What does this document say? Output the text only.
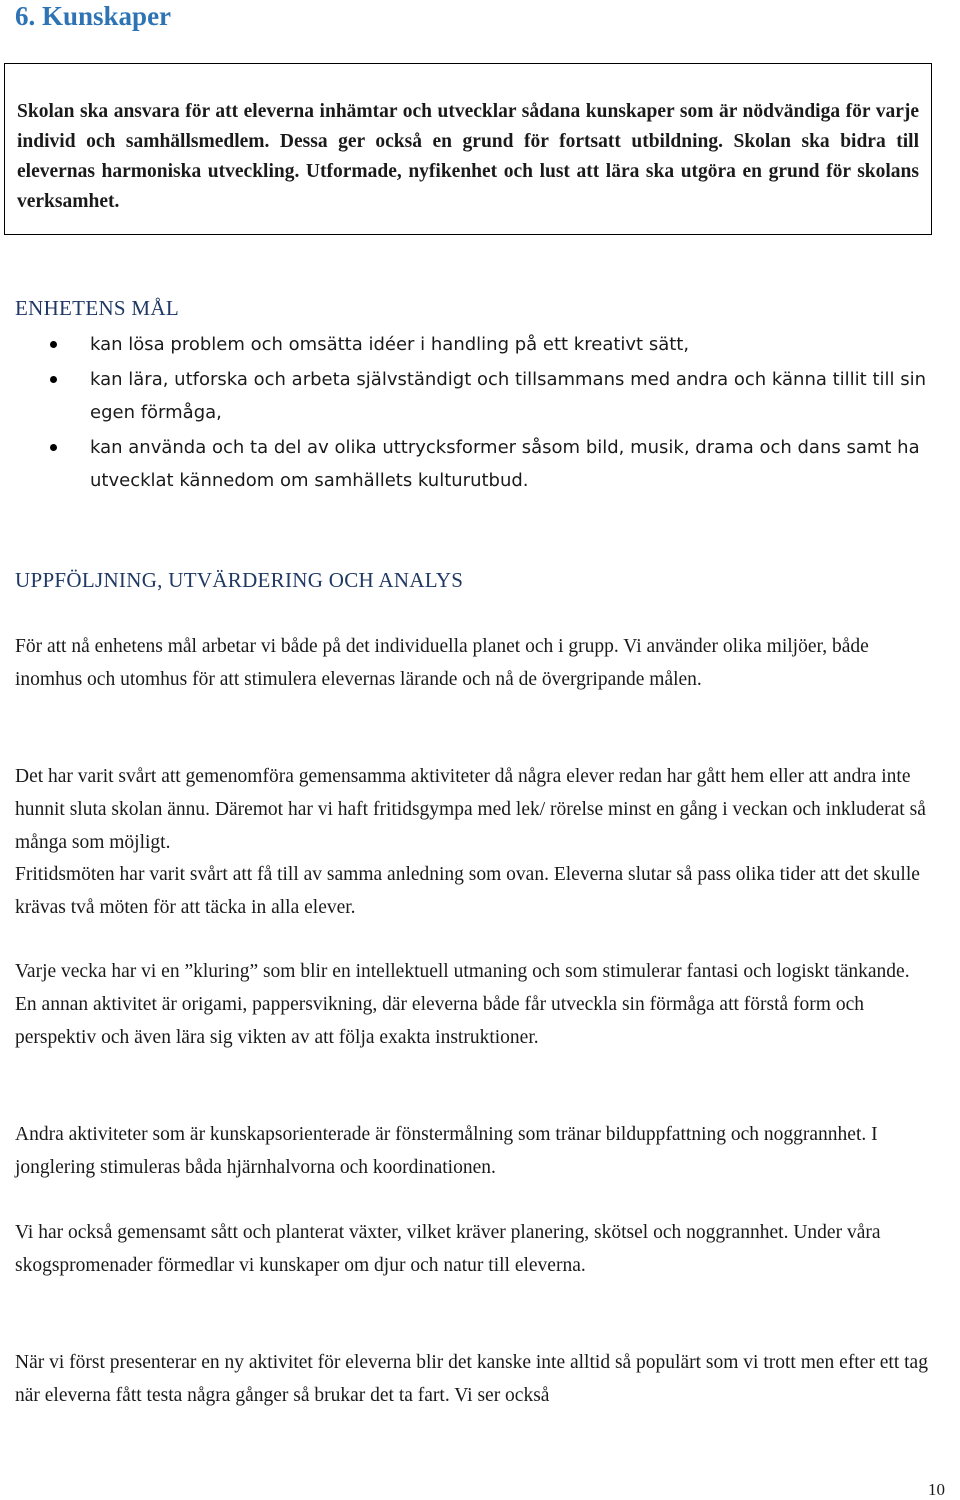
6. Kunskaper

Skolan ska ansvara för att eleverna inhämtar och utvecklar sådana kunskaper som är nödvändiga för varje individ och samhällsmedlem. Dessa ger också en grund för fortsatt utbildning. Skolan ska bidra till elevernas harmoniska utveckling. Utformade, nyfikenhet och lust att lära ska utgöra en grund för skolans verksamhet.

ENHETENS MÅL
kan lösa problem och omsätta idéer i handling på ett kreativt sätt,
kan lära, utforska och arbeta självständigt och tillsammans med andra och känna tillit till sin egen förmåga,
kan använda och ta del av olika uttrycksformer såsom bild, musik, drama och dans samt ha utvecklat kännedom om samhällets kulturutbud.
UPPFÖLJNING, UTVÄRDERING OCH ANALYS

För att nå enhetens mål arbetar vi både på det individuella planet och i grupp. Vi använder olika miljöer, både inomhus och utomhus för att stimulera elevernas lärande och nå de övergripande målen.

Det har varit svårt att gemenomföra gemensamma aktiviteter då några elever redan har gått hem eller att andra inte hunnit sluta skolan ännu. Däremot har vi haft fritidsgympa med lek/ rörelse minst en gång i veckan och inkluderat så många som möjligt.

Fritidsmöten har varit svårt att få till av samma anledning som ovan. Eleverna slutar så pass olika tider att det skulle krävas två möten för att täcka in alla elever.

Varje vecka har vi en ”kluring” som blir en intellektuell utmaning och som stimulerar fantasi och logiskt tänkande. En annan aktivitet är origami, pappersvikning, där eleverna både får utveckla sin förmåga att förstå form och perspektiv och även lära sig vikten av att följa exakta instruktioner.

Andra aktiviteter som är kunskapsorienterade är fönstermålning som tränar bilduppfattning och noggrannhet. I jonglering stimuleras båda hjärnhalvorna och koordinationen.

Vi har också gemensamt sått och planterat växter, vilket kräver planering, skötsel och noggrannhet. Under våra skogspromenader förmedlar vi kunskaper om djur och natur till eleverna.

När vi först presenterar en ny aktivitet för eleverna blir det kanske inte alltid så populärt som vi trott men efter ett tag när eleverna fått testa några gånger så brukar det ta fart. Vi ser också

10
